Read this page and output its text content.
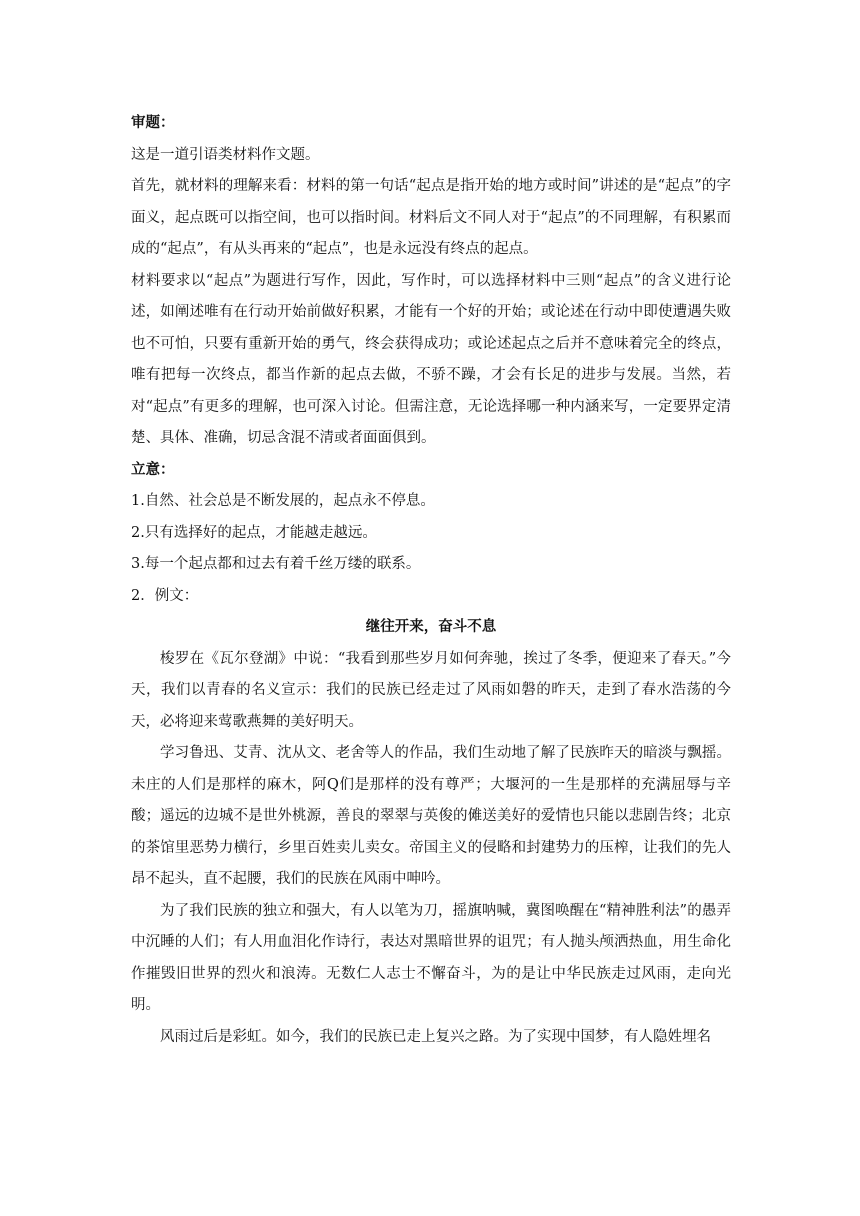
审题：

这是一道引语类材料作文题。

首先，就材料的理解来看：材料的第一句话“起点是指开始的地方或时间”讲述的是“起点”的字面义，起点既可以指空间，也可以指时间。材料后文不同人对于“起点”的不同理解，有积累而成的“起点”，有从头再来的“起点”，也是永远没有终点的起点。

材料要求以“起点”为题进行写作，因此，写作时，可以选择材料中三则“起点”的含义进行论述，如阐述唯有在行动开始前做好积累，才能有一个好的开始；或论述在行动中即使遭遇失败也不可怕，只要有重新开始的勇气，终会获得成功；或论述起点之后并不意味着完全的终点，唯有把每一次终点，都当作新的起点去做，不骄不躁，才会有长足的进步与发展。当然，若对“起点”有更多的理解，也可深入讨论。但需注意，无论选择哪一种内涵来写，一定要界定清楚、具体、准确，切忌含混不清或者面面俱到。

立意：

1.自然、社会总是不断发展的，起点永不停息。

2.只有选择好的起点，才能越走越远。

3.每一个起点都和过去有着千丝万缕的联系。

2．例文：

继往开来，奋斗不息

梭罗在《瓦尔登湖》中说：“我看到那些岁月如何奔驰，挨过了冬季，便迎来了春天。”今天，我们以青春的名义宣示：我们的民族已经走过了风雨如磐的昨天，走到了春水浩荡的今天，必将迎来莺歌燕舞的美好明天。

学习鲁迅、艾青、沈从文、老舍等人的作品，我们生动地了解了民族昨天的暗淡与飘摇。未庄的人们是那样的麻木，阿Q们是那样的没有尊严；大堰河的一生是那样的充满屈辱与辛酸；遥远的边城不是世外桃源，善良的翠翠与英俊的傩送美好的爱情也只能以悲剧告终；北京的茶馆里恶势力横行，乡里百姓卖儿卖女。帝国主义的侵略和封建势力的压榨，让我们的先人昂不起头，直不起腰，我们的民族在风雨中呻吟。

为了我们民族的独立和强大，有人以笔为刀，摇旗呐喊，冀图唤醒在“精神胜利法”的愚弄中沉睡的人们；有人用血泪化作诗行，表达对黑暗世界的诅咒；有人抛头颅洒热血，用生命化作摧毁旧世界的烈火和浪涛。无数仁人志士不懈奋斗，为的是让中华民族走过风雨，走向光明。

风雨过后是彩虹。如今，我们的民族已走上复兴之路。为了实现中国梦，有人隐姓埋名
